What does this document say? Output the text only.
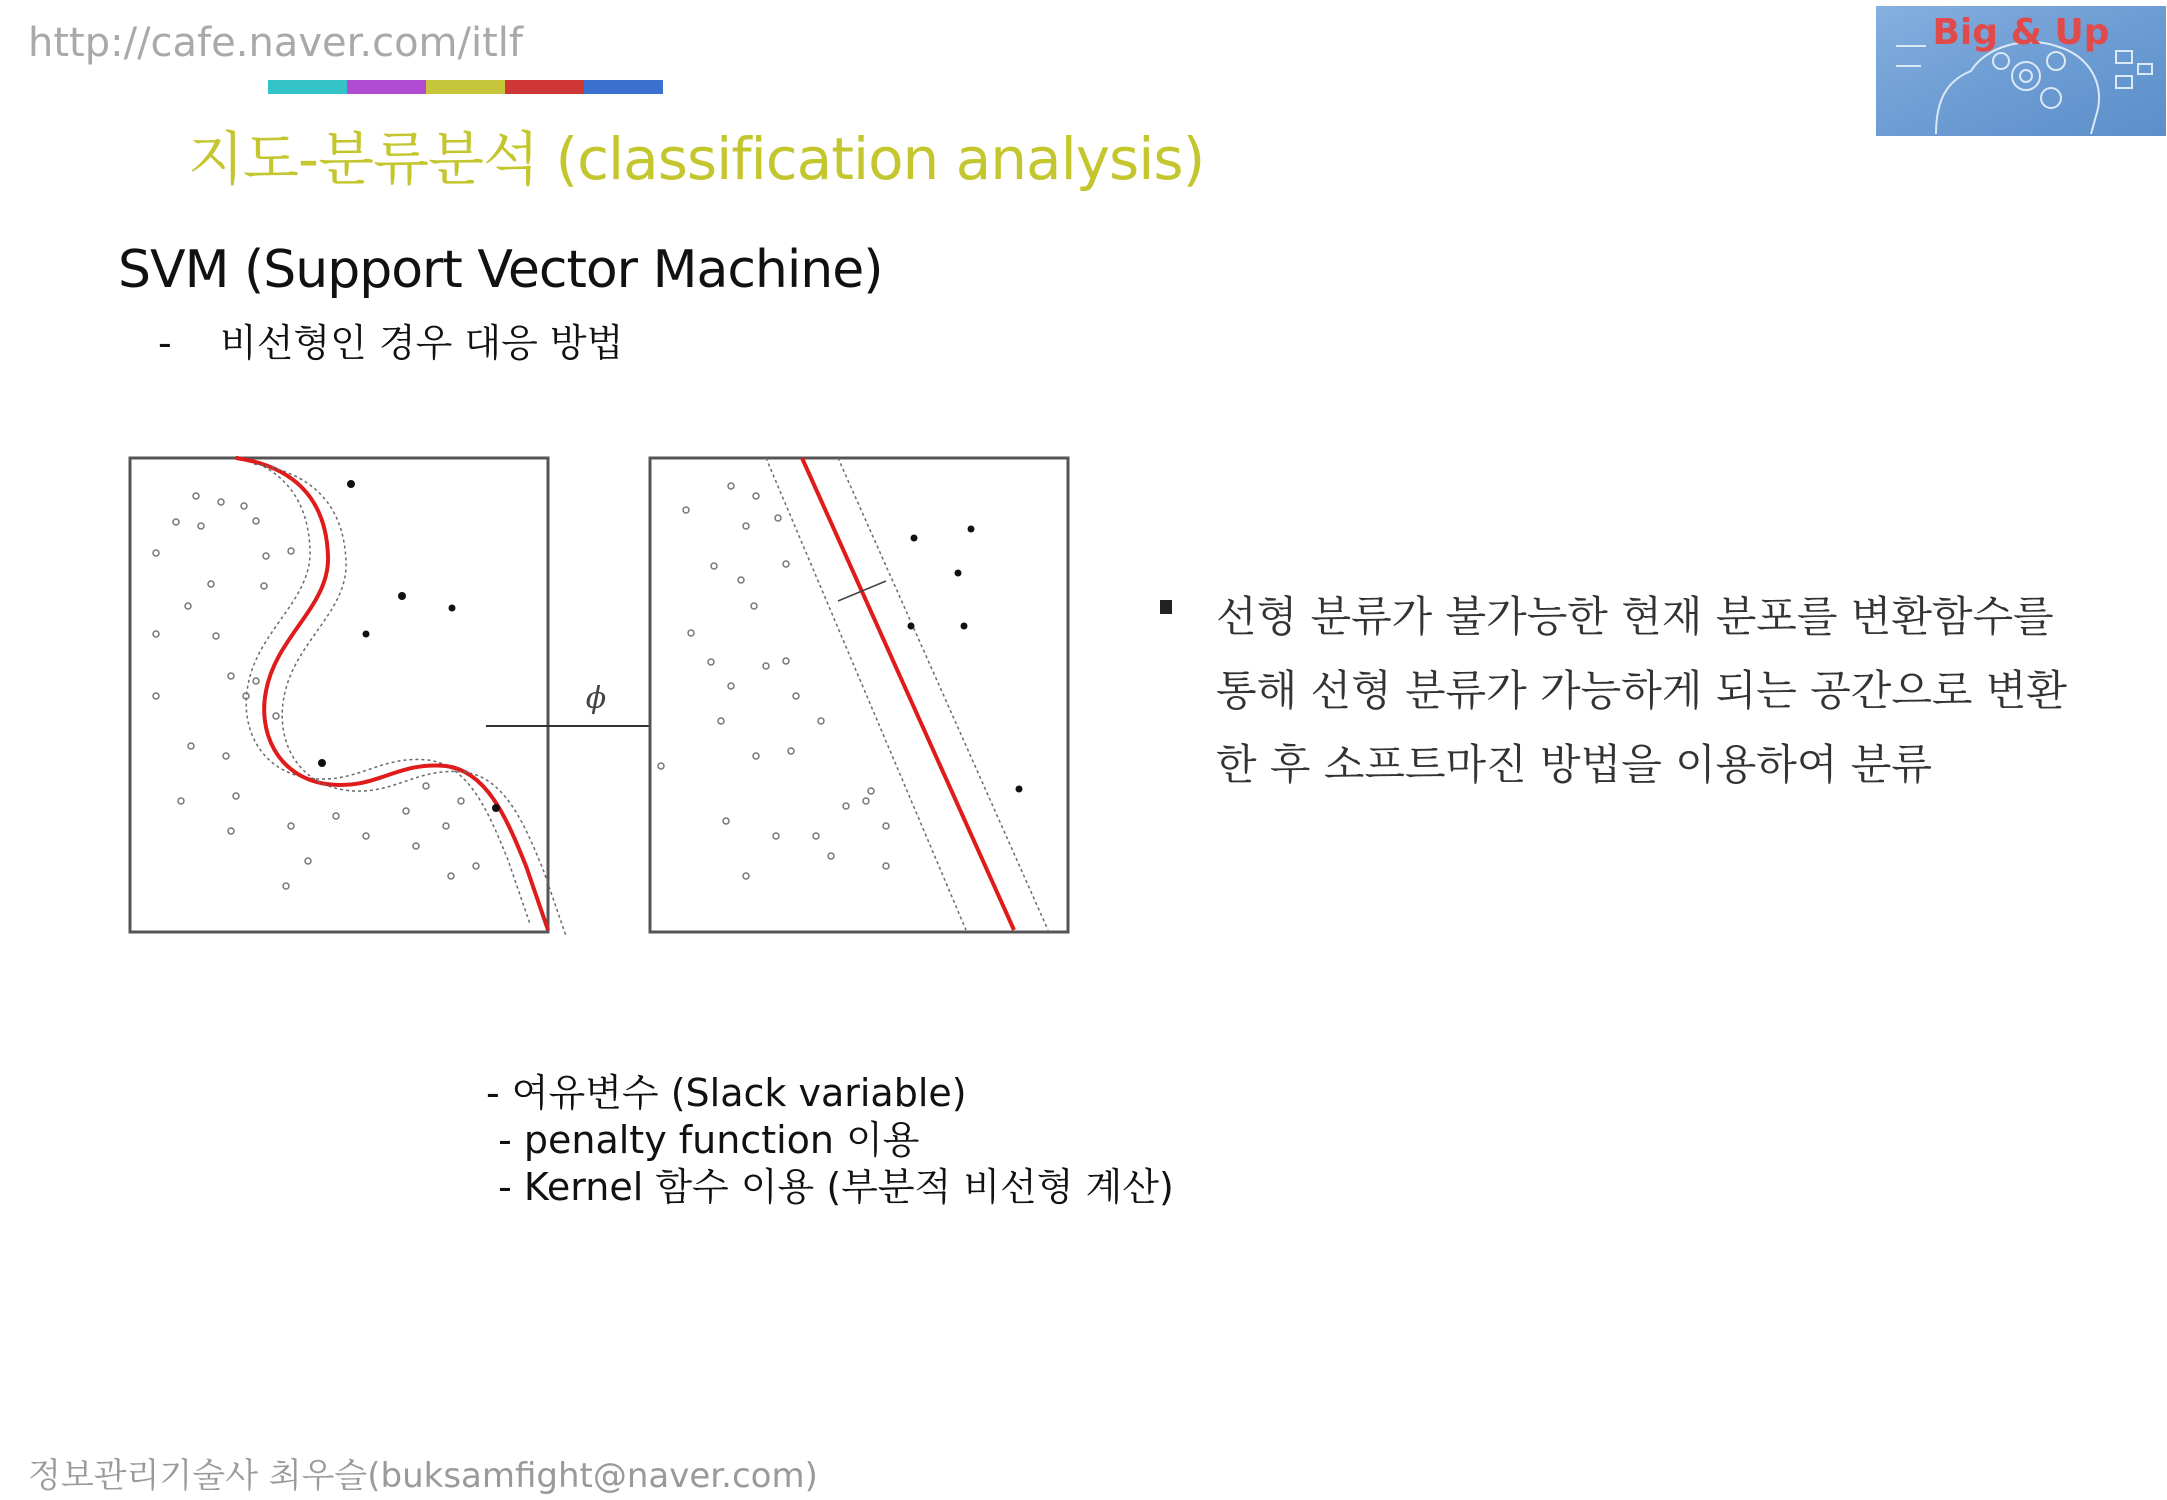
http://cafe.naver.com/itlf
지도-분류분석 (classification analysis)
Big & Up
SVM (Support Vector Machine)
- 비선형인 경우 대응 방법
ϕ
선형 분류가 불가능한 현재 분포를 변환함수를
통해 선형 분류가 가능하게 되는 공간으로 변환
한 후 소프트마진 방법을 이용하여 분류
- 여유변수 (Slack variable)
- penalty function 이용
- Kernel 함수 이용 (부분적 비선형 계산)
정보관리기술사 최우슬(buksamfight@naver.com)
